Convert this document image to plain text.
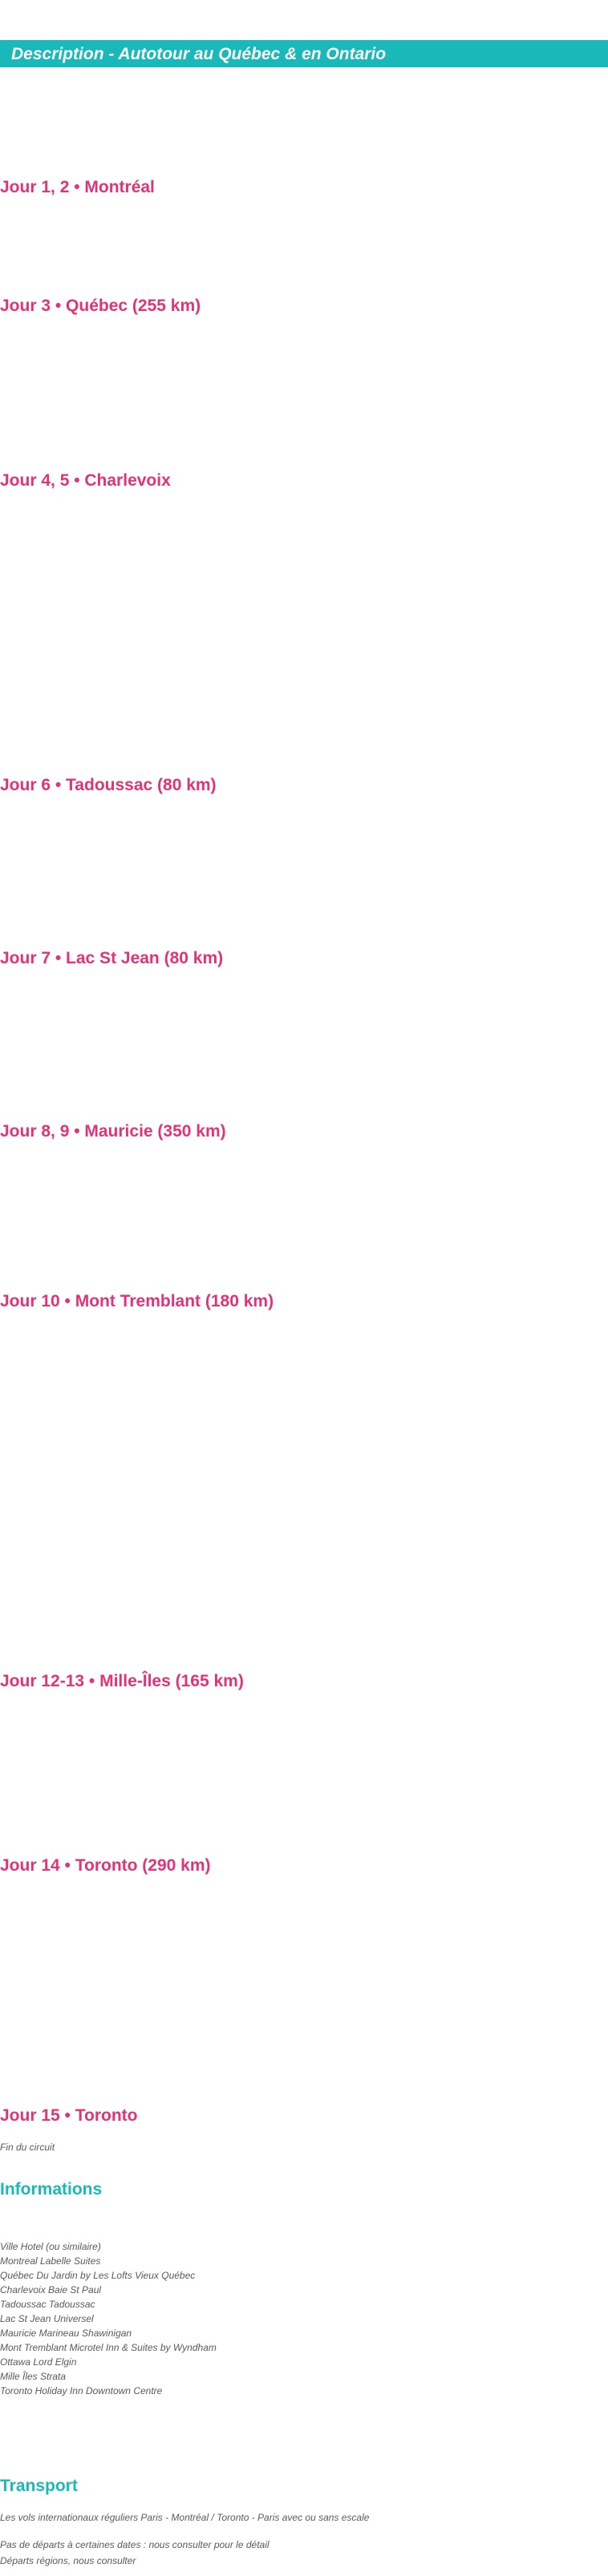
Description - Autotour au Québec & en Ontario
Jour 1, 2 • Montréal
Jour 3 • Québec (255 km)
Jour 4, 5 • Charlevoix
Jour 6 • Tadoussac (80 km)
Jour 7 • Lac St Jean (80 km)
Jour 8, 9 • Mauricie (350 km)
Jour 10 • Mont Tremblant (180 km)
Jour 12-13 • Mille-Îles (165 km)
Jour 14 • Toronto (290 km)
Jour 15 • Toronto
Fin du circuit
Informations
Ville Hotel (ou similaire)
Montreal Labelle Suites
Québec Du Jardin by Les Lofts Vieux Québec
Charlevoix Baie St Paul
Tadoussac Tadoussac
Lac St Jean Universel
Mauricie Marineau Shawinigan
Mont Tremblant Microtel Inn & Suites by Wyndham
Ottawa Lord Elgin
Mille Îles Strata
Toronto Holiday Inn Downtown Centre
Transport
Les vols internationaux réguliers Paris - Montréal / Toronto - Paris avec ou sans escale
Pas de départs à certaines dates : nous consulter pour le détail
Départs régions, nous consulter
